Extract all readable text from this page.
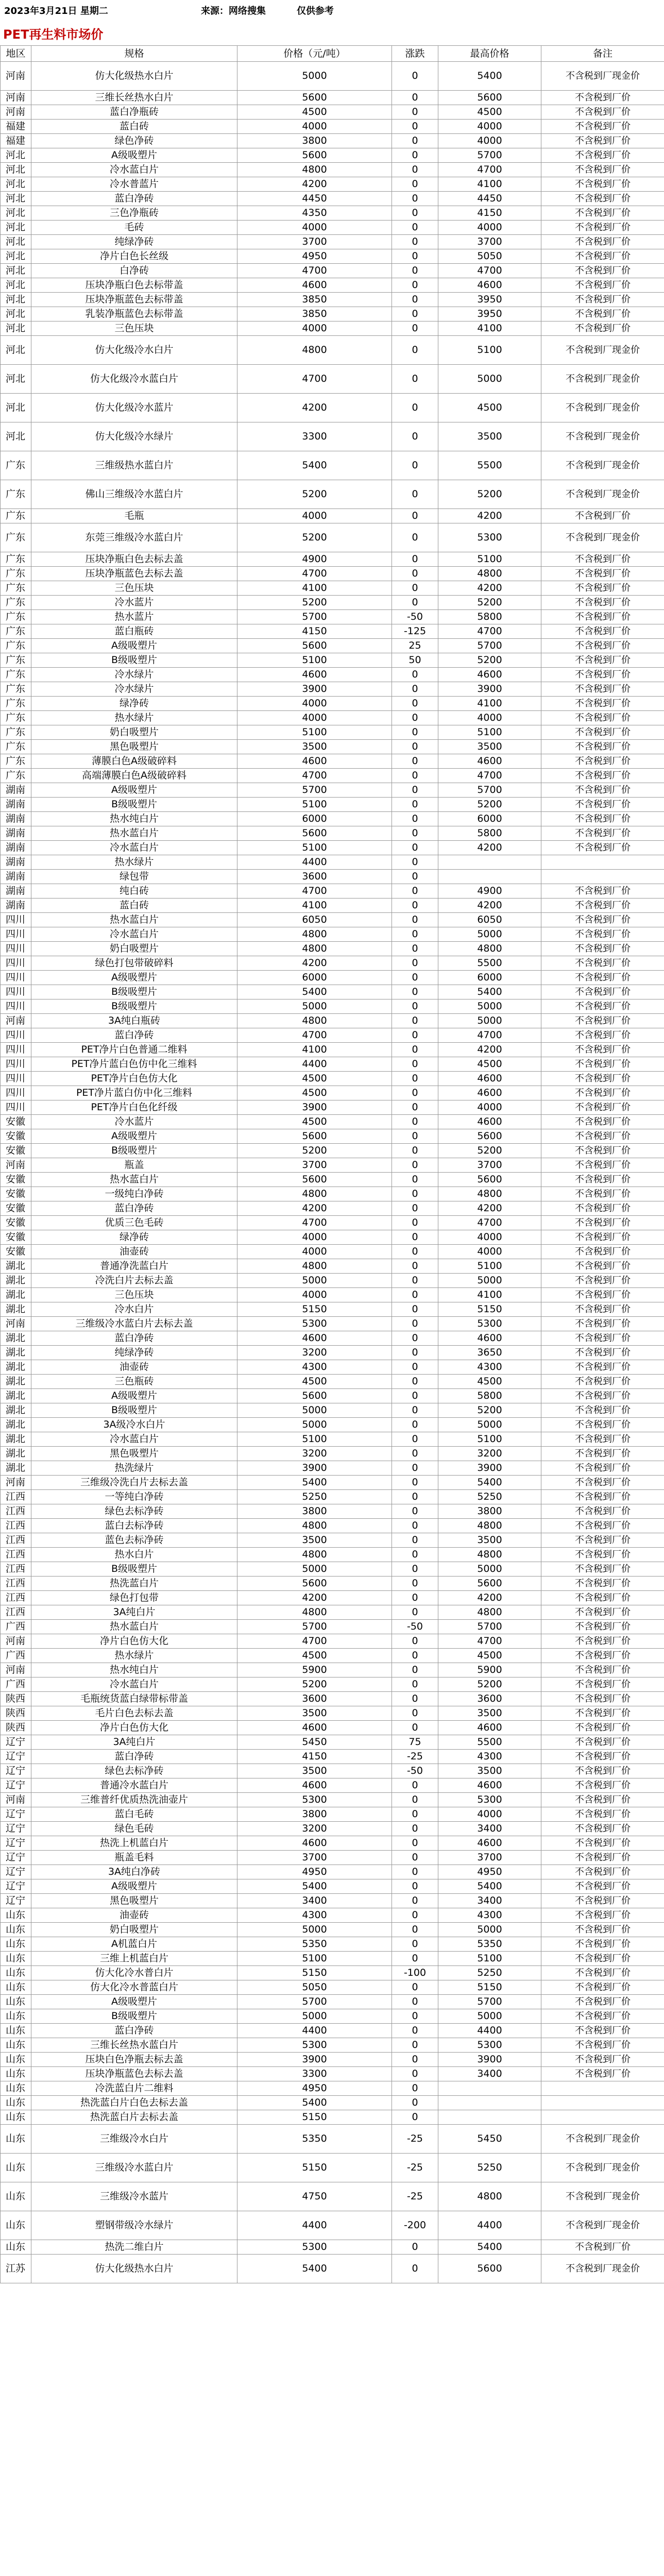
2023年3月21日 星期二	来源：网络搜集	仅供参考
PET再生料市场价
地区	规格	价格（元/吨）	涨跌	最高价格	备注
河南	仿大化级热水白片	5000	0	5400	不含税到厂现金价
河南	三维长丝热水白片	5600	0	5600	不含税到厂价
河南	蓝白净瓶砖	4500	0	4500	不含税到厂价
福建	蓝白砖	4000	0	4000	不含税到厂价
福建	绿色净砖	3800	0	4000	不含税到厂价
河北	A级吸塑片	5600	0	5700	不含税到厂价
河北	冷水蓝白片	4800	0	4700	不含税到厂价
河北	冷水普蓝片	4200	0	4100	不含税到厂价
河北	蓝白净砖	4450	0	4450	不含税到厂价
河北	三色净瓶砖	4350	0	4150	不含税到厂价
河北	毛砖	4000	0	4000	不含税到厂价
河北	纯绿净砖	3700	0	3700	不含税到厂价
河北	净片白色长丝级	4950	0	5050	不含税到厂价
河北	白净砖	4700	0	4700	不含税到厂价
河北	压块净瓶白色去标带盖	4600	0	4600	不含税到厂价
河北	压块净瓶蓝色去标带盖	3850	0	3950	不含税到厂价
河北	乳装净瓶蓝色去标带盖	3850	0	3950	不含税到厂价
河北	三色压块	4000	0	4100	不含税到厂价
河北	仿大化级冷水白片	4800	0	5100	不含税到厂现金价
河北	仿大化级冷水蓝白片	4700	0	5000	不含税到厂现金价
河北	仿大化级冷水蓝片	4200	0	4500	不含税到厂现金价
河北	仿大化级冷水绿片	3300	0	3500	不含税到厂现金价
广东	三维级热水蓝白片	5400	0	5500	不含税到厂现金价
广东	佛山三维级冷水蓝白片	5200	0	5200	不含税到厂现金价
广东	毛瓶	4000	0	4200	不含税到厂价
广东	东莞三维级冷水蓝白片	5200	0	5300	不含税到厂现金价
广东	压块净瓶白色去标去盖	4900	0	5100	不含税到厂价
广东	压块净瓶蓝色去标去盖	4700	0	4800	不含税到厂价
广东	三色压块	4100	0	4200	不含税到厂价
广东	冷水蓝片	5200	0	5200	不含税到厂价
广东	热水蓝片	5700	-50	5800	不含税到厂价
广东	蓝白瓶砖	4150	-125	4700	不含税到厂价
广东	A级吸塑片	5600	25	5700	不含税到厂价
广东	B级吸塑片	5100	50	5200	不含税到厂价
广东	冷水绿片	4600	0	4600	不含税到厂价
广东	冷水绿片	3900	0	3900	不含税到厂价
广东	绿净砖	4000	0	4100	不含税到厂价
广东	热水绿片	4000	0	4000	不含税到厂价
广东	奶白吸塑片	5100	0	5100	不含税到厂价
广东	黑色吸塑片	3500	0	3500	不含税到厂价
广东	薄膜白色A级破碎料	4600	0	4600	不含税到厂价
广东	高端薄膜白色A级破碎料	4700	0	4700	不含税到厂价
湖南	A级吸塑片	5700	0	5700	不含税到厂价
湖南	B级吸塑片	5100	0	5200	不含税到厂价
湖南	热水纯白片	6000	0	6000	不含税到厂价
湖南	热水蓝白片	5600	0	5800	不含税到厂价
湖南	冷水蓝白片	5100	0	4200	不含税到厂价
湖南	热水绿片	4400	0		
湖南	绿包带	3600	0		
湖南	纯白砖	4700	0	4900	不含税到厂价
湖南	蓝白砖	4100	0	4200	不含税到厂价
四川	热水蓝白片	6050	0	6050	不含税到厂价
四川	冷水蓝白片	4800	0	5000	不含税到厂价
四川	奶白吸塑片	4800	0	4800	不含税到厂价
四川	绿色打包带破碎料	4200	0	5500	不含税到厂价
四川	A级吸塑片	6000	0	6000	不含税到厂价
四川	B级吸塑片	5400	0	5400	不含税到厂价
四川	B级吸塑片	5000	0	5000	不含税到厂价
河南	3A纯白瓶砖	4800	0	5000	不含税到厂价
四川	蓝白净砖	4700	0	4700	不含税到厂价
四川	PET净片白色普通二维料	4100	0	4200	不含税到厂价
四川	PET净片蓝白色仿中化三维料	4400	0	4500	不含税到厂价
四川	PET净片白色仿大化	4500	0	4600	不含税到厂价
四川	PET净片蓝白仿中化三维料	4500	0	4600	不含税到厂价
四川	PET净片白色化纤级	3900	0	4000	不含税到厂价
安徽	冷水蓝片	4500	0	4600	不含税到厂价
安徽	A级吸塑片	5600	0	5600	不含税到厂价
安徽	B级吸塑片	5200	0	5200	不含税到厂价
河南	瓶盖	3700	0	3700	不含税到厂价
安徽	热水蓝白片	5600	0	5600	不含税到厂价
安徽	一级纯白净砖	4800	0	4800	不含税到厂价
安徽	蓝白净砖	4200	0	4200	不含税到厂价
安徽	优质三色毛砖	4700	0	4700	不含税到厂价
安徽	绿净砖	4000	0	4000	不含税到厂价
安徽	油壶砖	4000	0	4000	不含税到厂价
湖北	普通净洗蓝白片	4800	0	5100	不含税到厂价
湖北	冷洗白片去标去盖	5000	0	5000	不含税到厂价
湖北	三色压块	4000	0	4100	不含税到厂价
湖北	冷水白片	5150	0	5150	不含税到厂价
河南	三维级冷水蓝白片去标去盖	5300	0	5300	不含税到厂价
湖北	蓝白净砖	4600	0	4600	不含税到厂价
湖北	纯绿净砖	3200	0	3650	不含税到厂价
湖北	油壶砖	4300	0	4300	不含税到厂价
湖北	三色瓶砖	4500	0	4500	不含税到厂价
湖北	A级吸塑片	5600	0	5800	不含税到厂价
湖北	B级吸塑片	5000	0	5200	不含税到厂价
湖北	3A级冷水白片	5000	0	5000	不含税到厂价
湖北	冷水蓝白片	5100	0	5100	不含税到厂价
湖北	黑色吸塑片	3200	0	3200	不含税到厂价
湖北	热洗绿片	3900	0	3900	不含税到厂价
河南	三维级冷洗白片去标去盖	5400	0	5400	不含税到厂价
江西	一等纯白净砖	5250	0	5250	不含税到厂价
江西	绿色去标净砖	3800	0	3800	不含税到厂价
江西	蓝白去标净砖	4800	0	4800	不含税到厂价
江西	蓝色去标净砖	3500	0	3500	不含税到厂价
江西	热水白片	4800	0	4800	不含税到厂价
江西	B级吸塑片	5000	0	5000	不含税到厂价
江西	热洗蓝白片	5600	0	5600	不含税到厂价
江西	绿色打包带	4200	0	4200	不含税到厂价
江西	3A纯白片	4800	0	4800	不含税到厂价
广西	热水蓝白片	5700	-50	5700	不含税到厂价
河南	净片白色仿大化	4700	0	4700	不含税到厂价
广西	热水绿片	4500	0	4500	不含税到厂价
河南	热水纯白片	5900	0	5900	不含税到厂价
广西	冷水蓝白片	5200	0	5200	不含税到厂价
陕西	毛瓶统货蓝白绿带标带盖	3600	0	3600	不含税到厂价
陕西	毛片白色去标去盖	3500	0	3500	不含税到厂价
陕西	净片白色仿大化	4600	0	4600	不含税到厂价
辽宁	3A纯白片	5450	75	5500	不含税到厂价
辽宁	蓝白净砖	4150	-25	4300	不含税到厂价
辽宁	绿色去标净砖	3500	-50	3500	不含税到厂价
辽宁	普通冷水蓝白片	4600	0	4600	不含税到厂价
河南	三维普纤优质热洗油壶片	5300	0	5300	不含税到厂价
辽宁	蓝白毛砖	3800	0	4000	不含税到厂价
辽宁	绿色毛砖	3200	0	3400	不含税到厂价
辽宁	热洗上机蓝白片	4600	0	4600	不含税到厂价
辽宁	瓶盖毛料	3700	0	3700	不含税到厂价
辽宁	3A纯白净砖	4950	0	4950	不含税到厂价
辽宁	A级吸塑片	5400	0	5400	不含税到厂价
辽宁	黑色吸塑片	3400	0	3400	不含税到厂价
山东	油壶砖	4300	0	4300	不含税到厂价
山东	奶白吸塑片	5000	0	5000	不含税到厂价
山东	A机蓝白片	5350	0	5350	不含税到厂价
山东	三维上机蓝白片	5100	0	5100	不含税到厂价
山东	仿大化冷水普白片	5150	-100	5250	不含税到厂价
山东	仿大化冷水普蓝白片	5050	0	5150	不含税到厂价
山东	A级吸塑片	5700	0	5700	不含税到厂价
山东	B级吸塑片	5000	0	5000	不含税到厂价
山东	蓝白净砖	4400	0	4400	不含税到厂价
山东	三维长丝热水蓝白片	5300	0	5300	不含税到厂价
山东	压块白色净瓶去标去盖	3900	0	3900	不含税到厂价
山东	压块净瓶蓝色去标去盖	3300	0	3400	不含税到厂价
山东	冷洗蓝白片二维料	4950	0		
山东	热洗蓝白片白色去标去盖	5400	0		
山东	热洗蓝白片去标去盖	5150	0		
山东	三维级冷水白片	5350	-25	5450	不含税到厂现金价
山东	三维级冷水蓝白片	5150	-25	5250	不含税到厂现金价
山东	三维级冷水蓝片	4750	-25	4800	不含税到厂现金价
山东	塑钢带级冷水绿片	4400	-200	4400	不含税到厂现金价
山东	热洗二维白片	5300	0	5400	不含税到厂价
江苏	仿大化级热水白片	5400	0	5600	不含税到厂现金价
